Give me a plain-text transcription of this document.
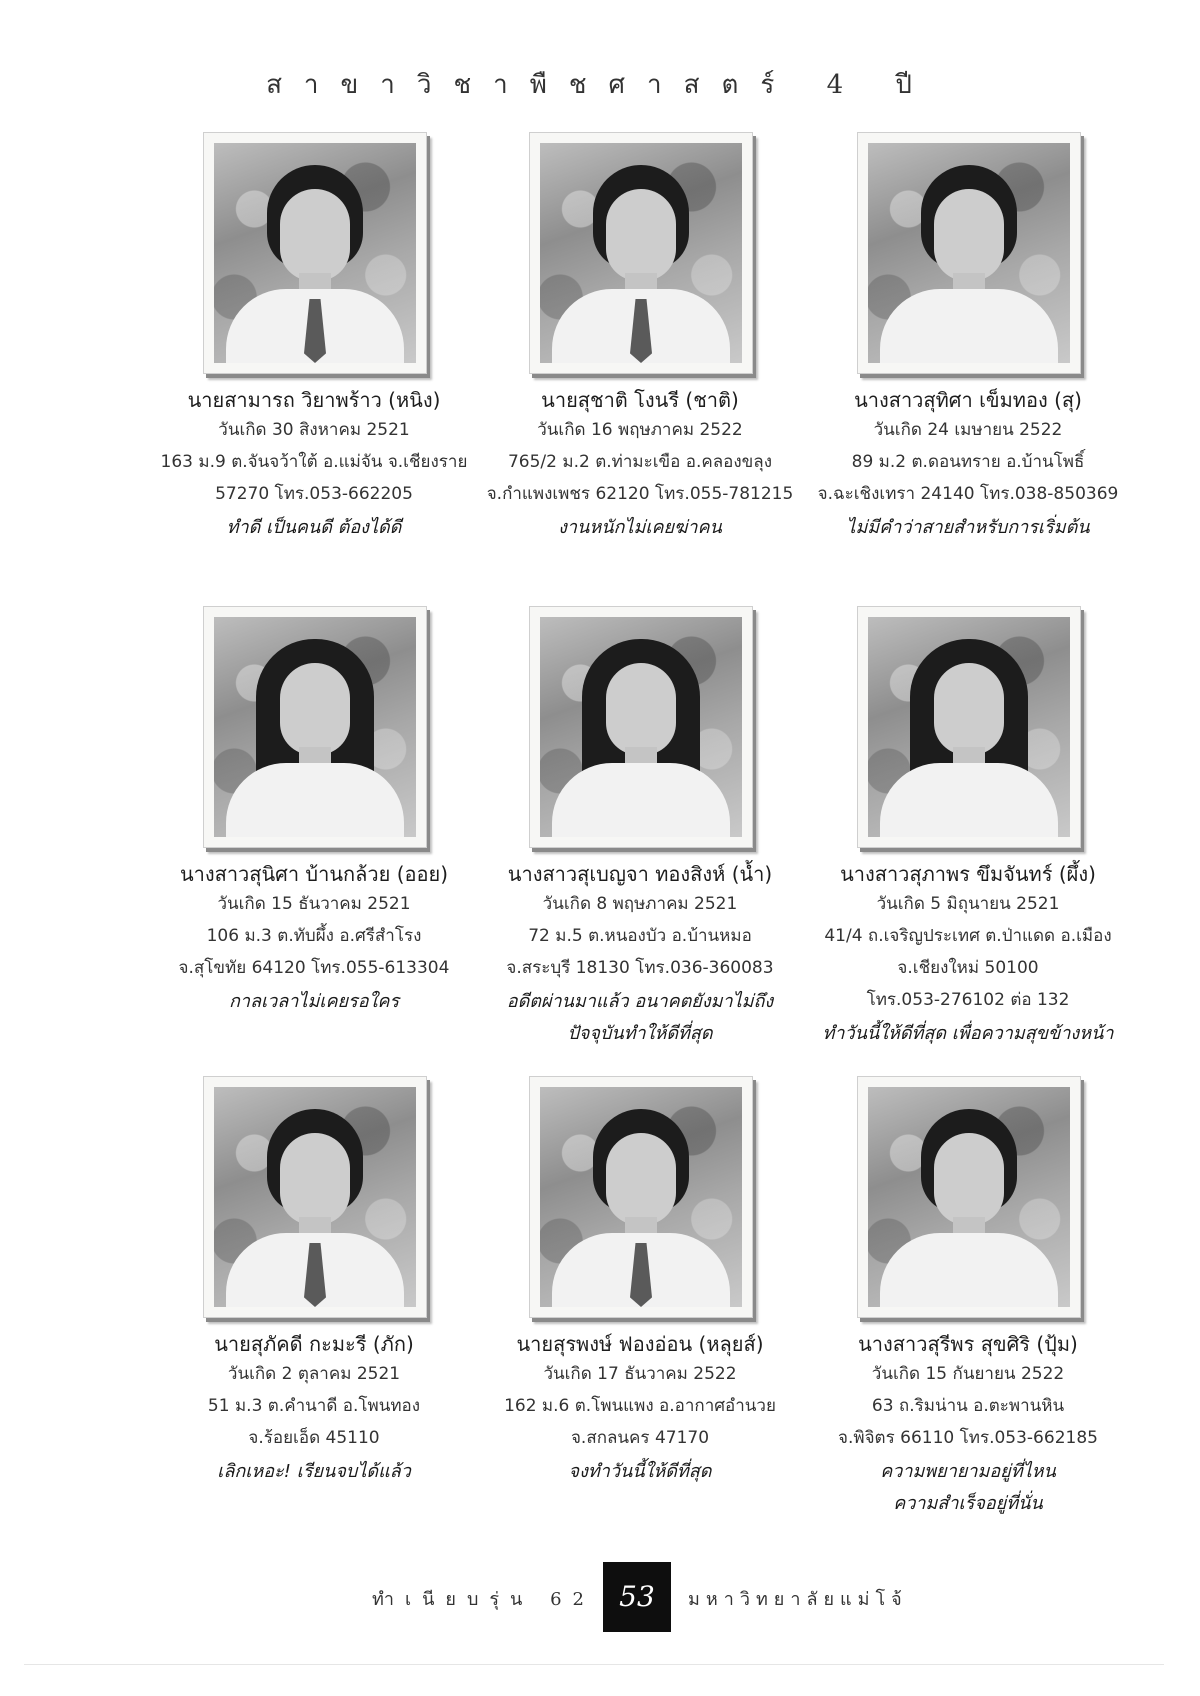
สาขาวิชาพืชศาสตร์ 4 ปี
นายสามารถ วิยาพร้าว (หนิง)
วันเกิด 30 สิงหาคม 2521
163 ม.9 ต.จันจว้าใต้ อ.แม่จัน จ.เชียงราย
57270 โทร.053-662205
ทำดี เป็นคนดี ต้องได้ดี
นายสุชาติ โงนรี (ชาติ)
วันเกิด 16 พฤษภาคม 2522
765/2 ม.2 ต.ท่ามะเขือ อ.คลองขลุง
จ.กำแพงเพชร 62120 โทร.055-781215
งานหนักไม่เคยฆ่าคน
นางสาวสุทิศา เข็มทอง (สุ)
วันเกิด 24 เมษายน 2522
89 ม.2 ต.ดอนทราย อ.บ้านโพธิ์
จ.ฉะเชิงเทรา 24140 โทร.038-850369
ไม่มีคำว่าสายสำหรับการเริ่มต้น
นางสาวสุนิศา บ้านกล้วย (ออย)
วันเกิด 15 ธันวาคม 2521
106 ม.3 ต.ทับผึ้ง อ.ศรีสำโรง
จ.สุโขทัย 64120 โทร.055-613304
กาลเวลาไม่เคยรอใคร
นางสาวสุเบญจา ทองสิงห์ (น้ำ)
วันเกิด 8 พฤษภาคม 2521
72 ม.5 ต.หนองบัว อ.บ้านหมอ
จ.สระบุรี 18130 โทร.036-360083
อดีตผ่านมาแล้ว อนาคตยังมาไม่ถึง
ปัจจุบันทำให้ดีที่สุด
นางสาวสุภาพร ขึมจันทร์ (ผึ้ง)
วันเกิด 5 มิถุนายน 2521
41/4 ถ.เจริญประเทศ ต.ป่าแดด อ.เมือง
จ.เชียงใหม่ 50100
โทร.053-276102 ต่อ 132
ทำวันนี้ให้ดีที่สุด เพื่อความสุขข้างหน้า
นายสุภัคดี กะมะรี (ภัก)
วันเกิด 2 ตุลาคม 2521
51 ม.3 ต.คำนาดี อ.โพนทอง
จ.ร้อยเอ็ด 45110
เลิกเหอะ! เรียนจบได้แล้ว
นายสุรพงษ์ ฟองอ่อน (หลุยส์)
วันเกิด 17 ธันวาคม 2522
162 ม.6 ต.โพนแพง อ.อากาศอำนวย
จ.สกลนคร 47170
จงทำวันนี้ให้ดีที่สุด
นางสาวสุรีพร สุขศิริ (ปุ้ม)
วันเกิด 15 กันยายน 2522
63 ถ.ริมน่าน อ.ตะพานหิน
จ.พิจิตร 66110 โทร.053-662185
ความพยายามอยู่ที่ไหน
ความสำเร็จอยู่ที่นั่น
ทำเนียบรุ่น 62 53	มหาวิทยาลัยแม่โจ้
